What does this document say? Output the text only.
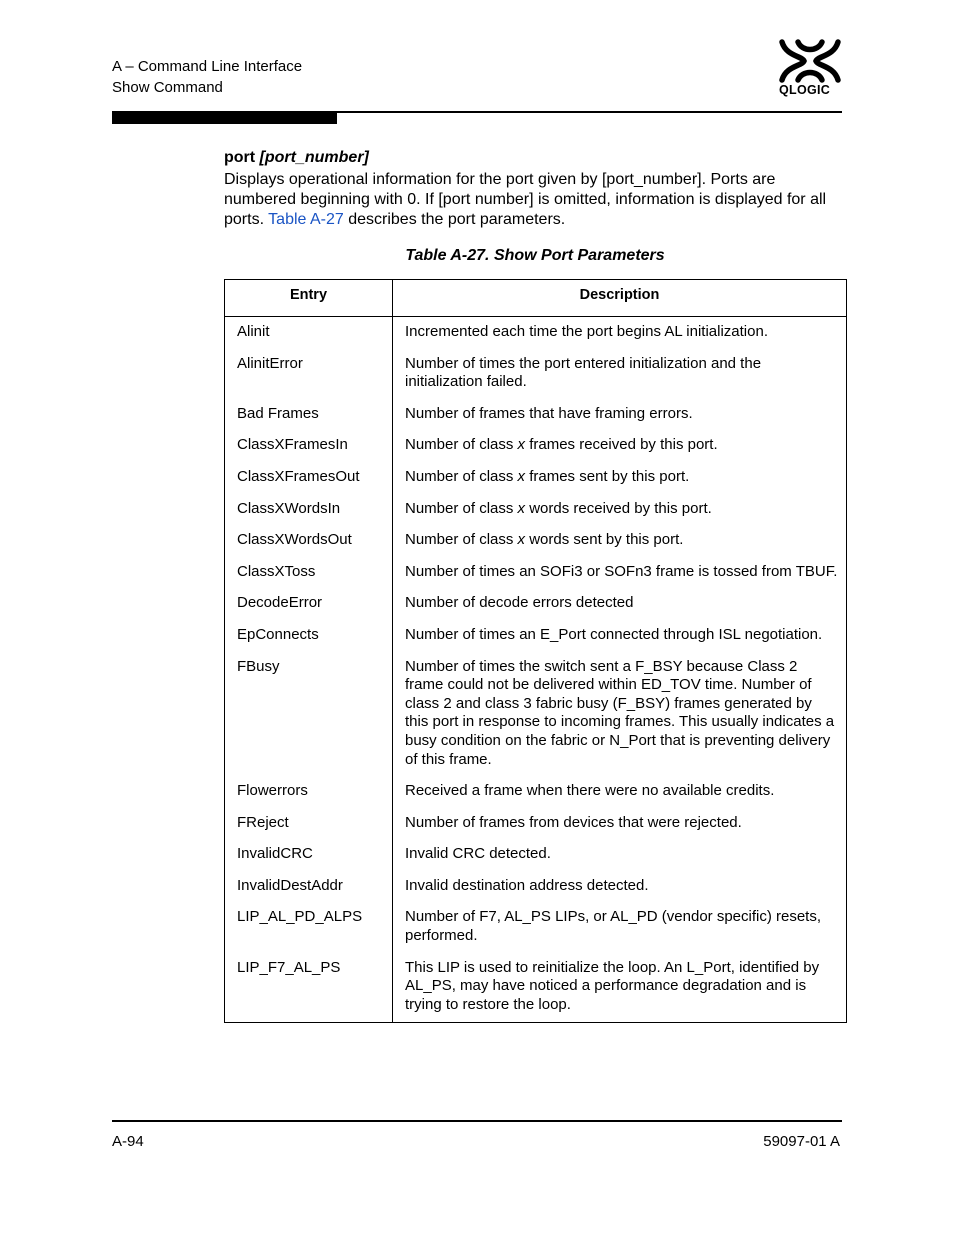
A – Command Line Interface
Show Command	QLOGIC
port [port_number]
Displays operational information for the port given by [port_number]. Ports are numbered beginning with 0. If [port number] is omitted, information is displayed for all ports. Table A-27 describes the port parameters.
Table A-27. Show Port Parameters
Entry	Description
Alinit	Incremented each time the port begins AL initialization.
AlinitError	Number of times the port entered initialization and the initialization failed.
Bad Frames	Number of frames that have framing errors.
ClassXFramesIn	Number of class x frames received by this port.
ClassXFramesOut	Number of class x frames sent by this port.
ClassXWordsIn	Number of class x words received by this port.
ClassXWordsOut	Number of class x words sent by this port.
ClassXToss	Number of times an SOFi3 or SOFn3 frame is tossed from TBUF.
DecodeError	Number of decode errors detected
EpConnects	Number of times an E_Port connected through ISL negotiation.
FBusy	Number of times the switch sent a F_BSY because Class 2 frame could not be delivered within ED_TOV time. Number of class 2 and class 3 fabric busy (F_BSY) frames generated by this port in response to incoming frames. This usually indicates a busy condition on the fabric or N_Port that is preventing delivery of this frame.
Flowerrors	Received a frame when there were no available credits.
FReject	Number of frames from devices that were rejected.
InvalidCRC	Invalid CRC detected.
InvalidDestAddr	Invalid destination address detected.
LIP_AL_PD_ALPS	Number of F7, AL_PS LIPs, or AL_PD (vendor specific) resets, performed.
LIP_F7_AL_PS	This LIP is used to reinitialize the loop. An L_Port, identified by AL_PS, may have noticed a performance degradation and is trying to restore the loop.
A-94	59097-01 A
